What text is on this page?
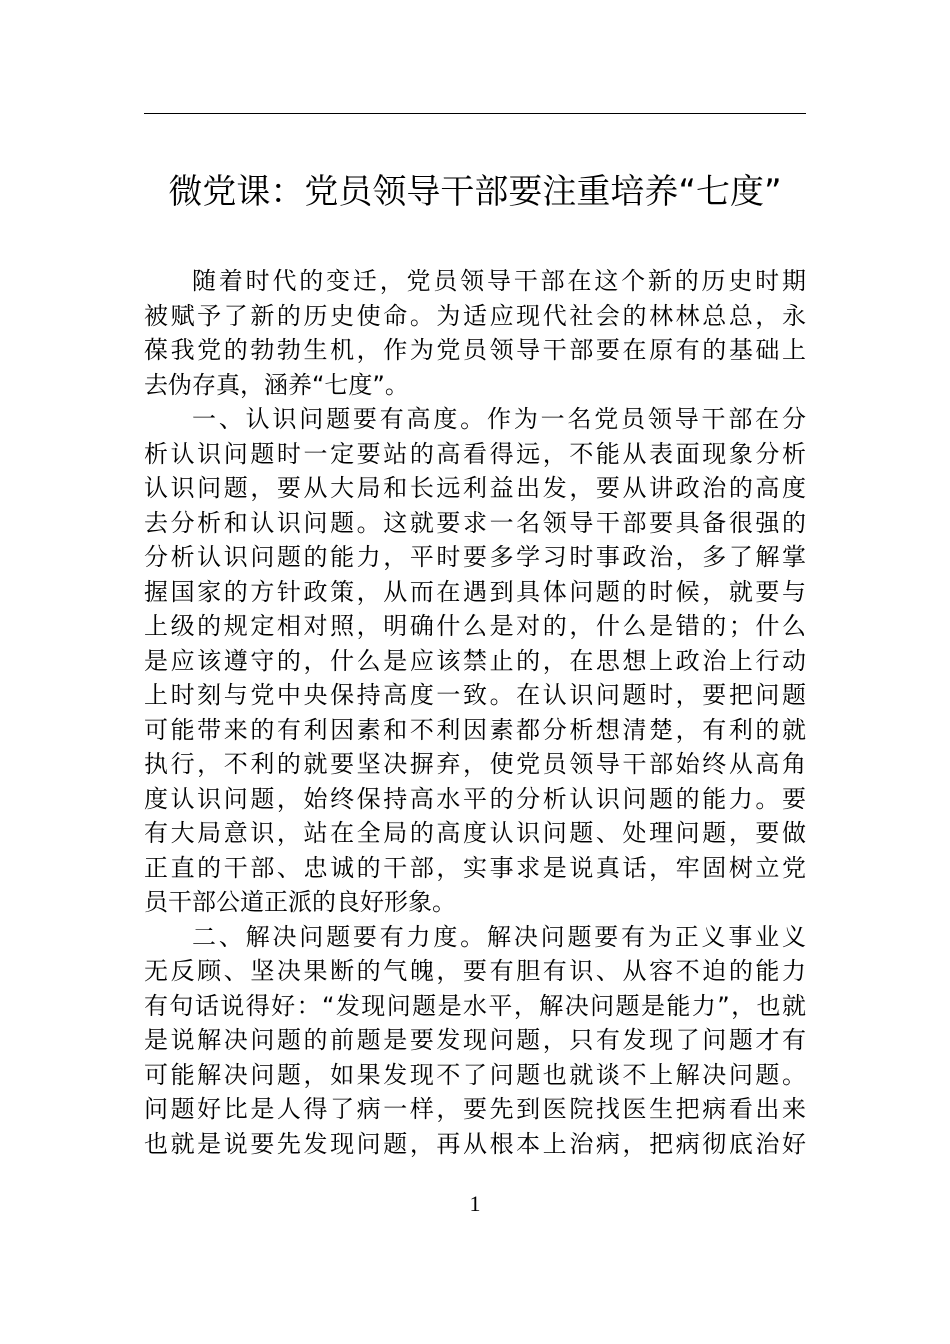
微党课：党员领导干部要注重培养“七度”
随着时代的变迁，党员领导干部在这个新的历史时期
被赋予了新的历史使命。为适应现代社会的林林总总，永
葆我党的勃勃生机，作为党员领导干部要在原有的基础上
去伪存真，涵养“七度”。
一、认识问题要有高度。作为一名党员领导干部在分
析认识问题时一定要站的高看得远，不能从表面现象分析
认识问题，要从大局和长远利益出发，要从讲政治的高度
去分析和认识问题。这就要求一名领导干部要具备很强的
分析认识问题的能力，平时要多学习时事政治，多了解掌
握国家的方针政策，从而在遇到具体问题的时候，就要与
上级的规定相对照，明确什么是对的，什么是错的；什么
是应该遵守的，什么是应该禁止的，在思想上政治上行动
上时刻与党中央保持高度一致。在认识问题时，要把问题
可能带来的有利因素和不利因素都分析想清楚，有利的就
执行，不利的就要坚决摒弃，使党员领导干部始终从高角
度认识问题，始终保持高水平的分析认识问题的能力。要
有大局意识，站在全局的高度认识问题、处理问题，要做
正直的干部、忠诚的干部，实事求是说真话，牢固树立党
员干部公道正派的良好形象。
二、解决问题要有力度。解决问题要有为正义事业义
无反顾、坚决果断的气魄，要有胆有识、从容不迫的能力
有句话说得好：“发现问题是水平，解决问题是能力”，也就
是说解决问题的前题是要发现问题，只有发现了问题才有
可能解决问题，如果发现不了问题也就谈不上解决问题。
问题好比是人得了病一样，要先到医院找医生把病看出来
也就是说要先发现问题，再从根本上治病，把病彻底治好
1
